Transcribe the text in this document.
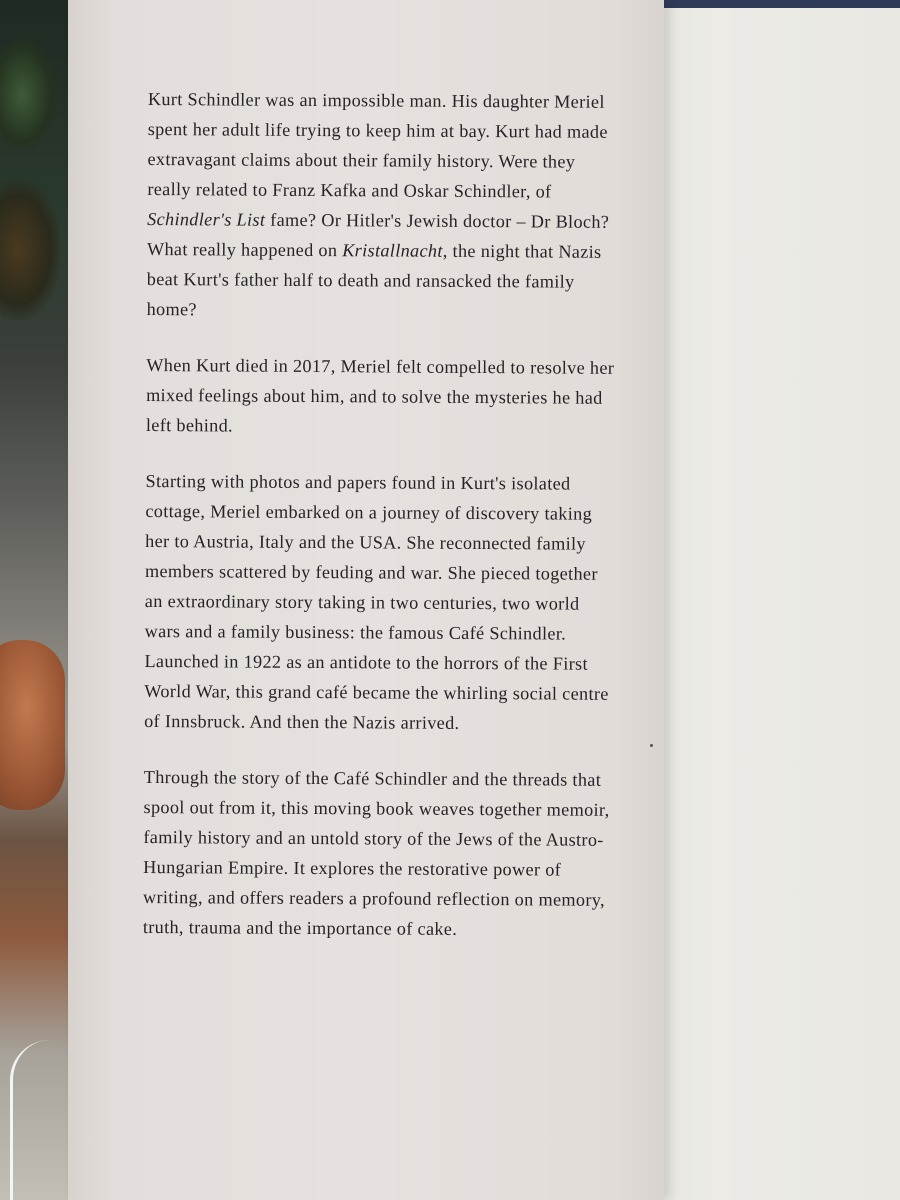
Kurt Schindler was an impossible man. His daughter Meriel spent her adult life trying to keep him at bay. Kurt had made extravagant claims about their family history. Were they really related to Franz Kafka and Oskar Schindler, of Schindler's List fame? Or Hitler's Jewish doctor – Dr Bloch? What really happened on Kristallnacht, the night that Nazis beat Kurt's father half to death and ransacked the family home?

When Kurt died in 2017, Meriel felt compelled to resolve her mixed feelings about him, and to solve the mysteries he had left behind.

Starting with photos and papers found in Kurt's isolated cottage, Meriel embarked on a journey of discovery taking her to Austria, Italy and the USA. She reconnected family members scattered by feuding and war. She pieced together an extraordinary story taking in two centuries, two world wars and a family business: the famous Café Schindler. Launched in 1922 as an antidote to the horrors of the First World War, this grand café became the whirling social centre of Innsbruck. And then the Nazis arrived.

Through the story of the Café Schindler and the threads that spool out from it, this moving book weaves together memoir, family history and an untold story of the Jews of the Austro-Hungarian Empire. It explores the restorative power of writing, and offers readers a profound reflection on memory, truth, trauma and the importance of cake.
